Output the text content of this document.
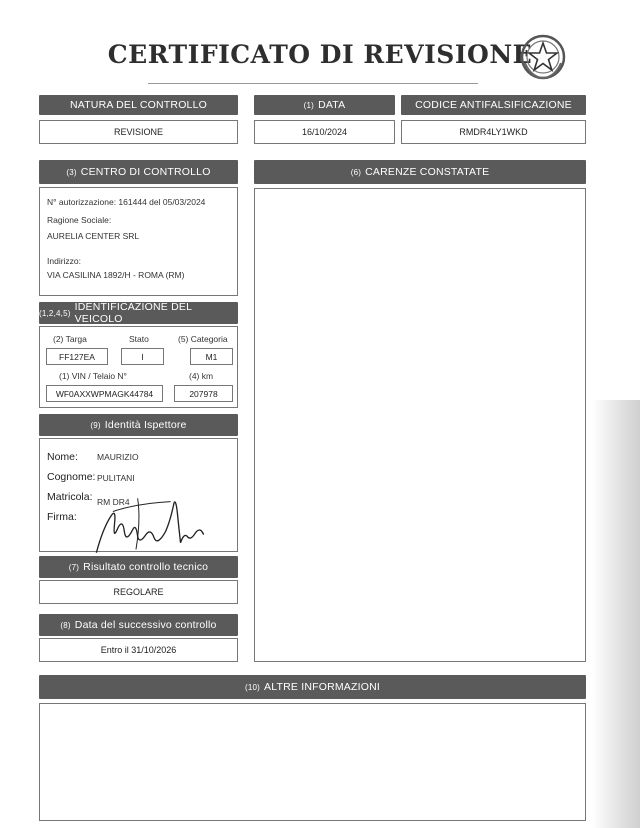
CERTIFICATO DI REVISIONE
NATURA DEL CONTROLLO
REVISIONE
(1) DATA
16/10/2024
CODICE ANTIFALSIFICAZIONE
RMDR4LY1WKD
(3) CENTRO DI CONTROLLO
N° autorizzazione: 161444 del 05/03/2024
Ragione Sociale:
AURELIA CENTER SRL
Indirizzo:
VIA CASILINA 1892/H - ROMA (RM)
(6) CARENZE CONSTATATE
(1,2,4,5) IDENTIFICAZIONE DEL VEICOLO
(2) Targa	Stato	(5) Categoria
FF127EA	I	M1
(1) VIN / Telaio N°	(4) km
WF0AXXWPMAGK44784	207978
(9) Identità Ispettore
Nome: MAURIZIO
Cognome: PULITANI
Matricola: RM DR4
Firma:
(7) Risultato controllo tecnico
REGOLARE
(8) Data del successivo controllo
Entro il 31/10/2026
(10) ALTRE INFORMAZIONI
